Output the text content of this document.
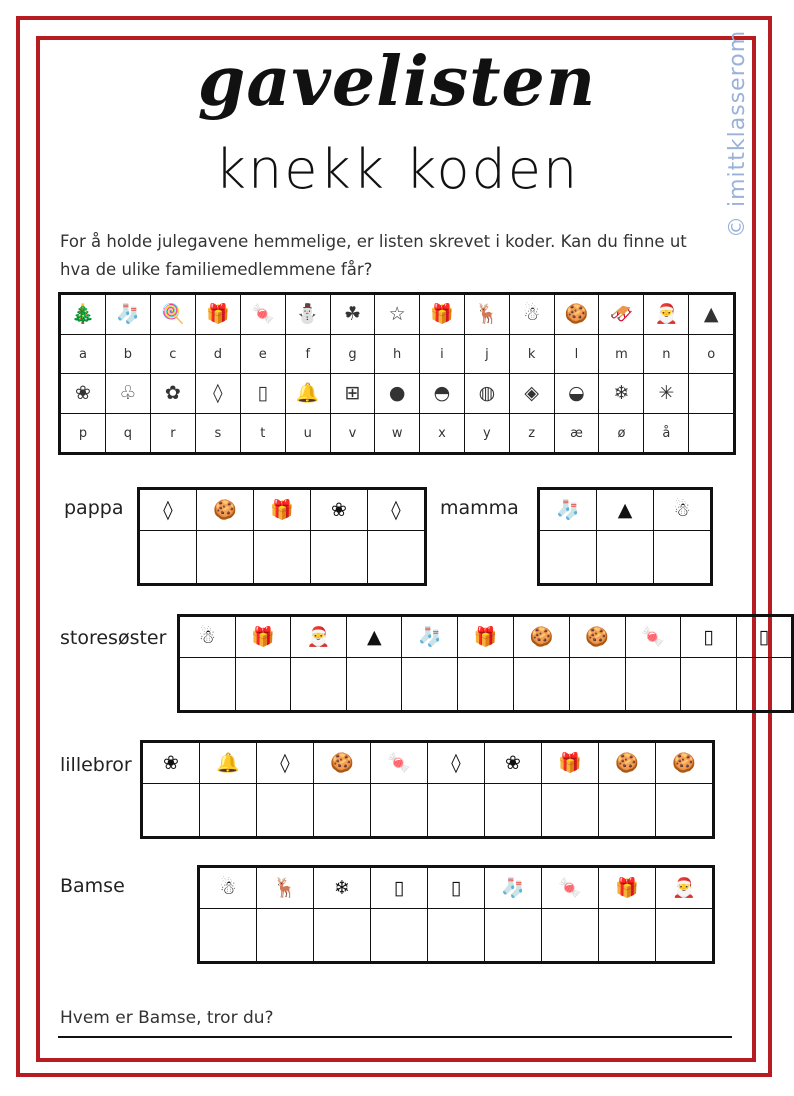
gavelisten
knekk koden	© imittklasserom
For å holde julegavene hemmelige, er listen skrevet i koder. Kan du finne ut hva de ulike familiemedlemmene får?
🎄	🧦	🍭	🎁	🍬	⛄	☘	☆	🎁	🦌	☃	🍪	🛷	🎅	▲
a	b	c	d	e	f	g	h	i	j	k	l	m	n	o
❀	♧	✿	◊	▯	🔔	⊞	●	◓	◍	◈	◒	❄	✳	
p	q	r	s	t	u	v	w	x	y	z	æ	ø	å	
pappa ◊	🍪	🎁	❀	◊
				mamma 🧦	▲	☃

storesøster ☃	🎁	🎅	▲	🧦	🎁	🍪	🍪	🍬	▯	▯

lillebror ❀	🔔	◊	🍪	🍬	◊	❀	🎁	🍪	🍪

Bamse	☃	🦌	❄	▯	▯	🧦	🍬	🎁	🎅

Hvem er Bamse, tror du?
